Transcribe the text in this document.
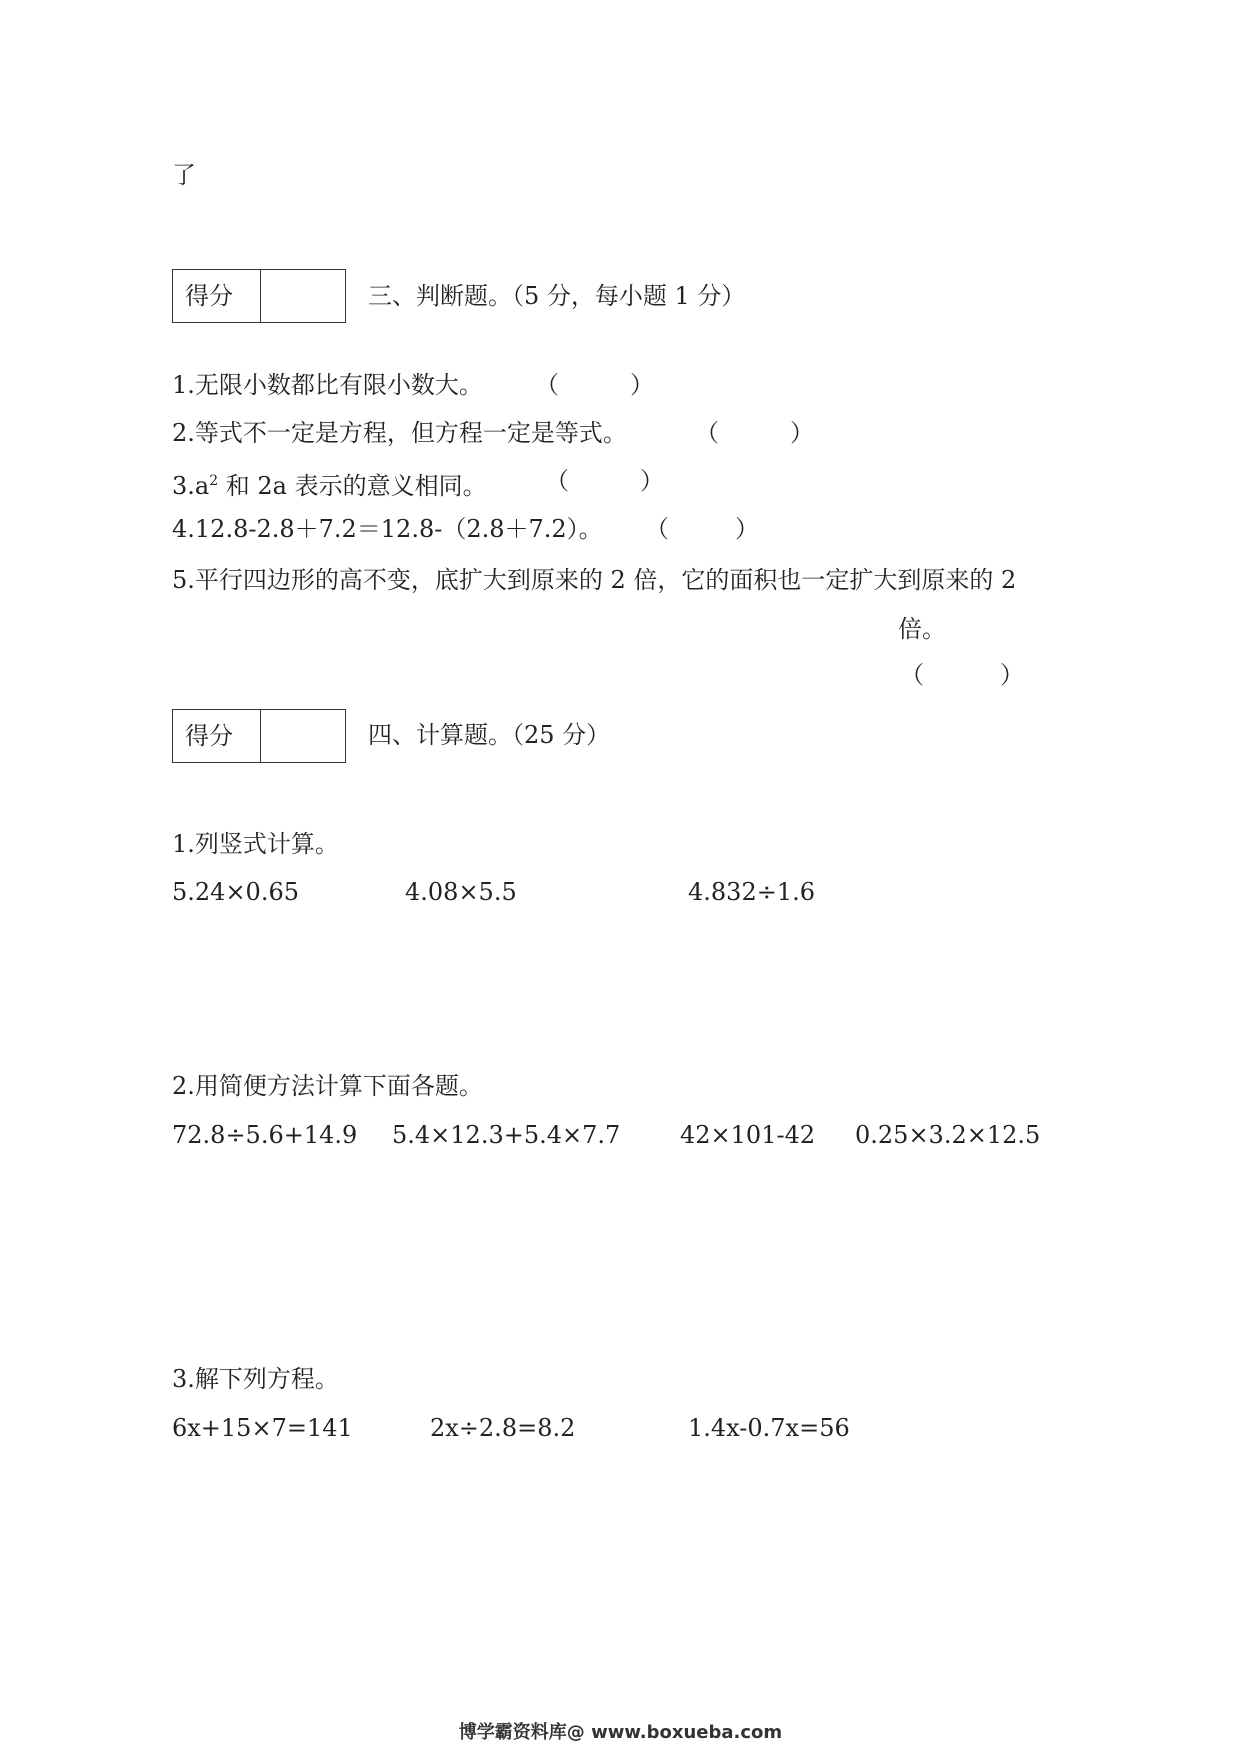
了
得分	三、判断题。（5 分，每小题 1 分）
1.无限小数都比有限小数大。 （	）
2.等式不一定是方程，但方程一定是等式。	（	）
$3.a^2$ 和 2a 表示的意义相同。 （	）
4.12.8-2.8＋7.2＝12.8-（2.8＋7.2）。 （	）
5.平行四边形的高不变，底扩大到原来的 2 倍，它的面积也一定扩大到原来的 2
倍。
（	）
得分	四、计算题。（25 分）
1.列竖式计算。
5.24×0.65	4.08×5.5	4.832÷1.6
2.用简便方法计算下面各题。
72.8÷5.6+14.9 5.4×12.3+5.4×7.7 42×101-42 0.25×3.2×12.5
3.解下列方程。
6x+15×7=141	2x÷2.8=8.2	1.4x-0.7x=56
博学霸资料库@ www.boxueba.com
